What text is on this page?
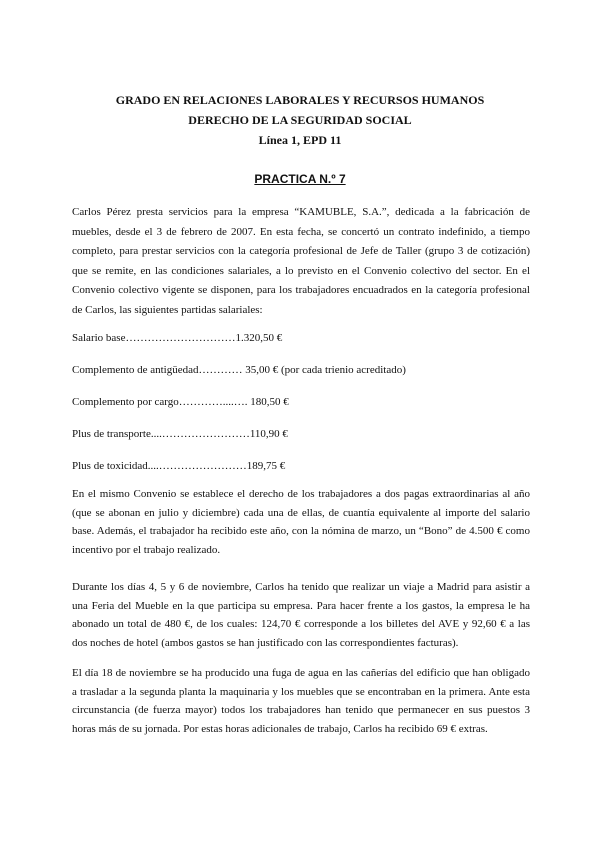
GRADO EN RELACIONES LABORALES Y RECURSOS HUMANOS
DERECHO DE LA SEGURIDAD SOCIAL
Línea 1, EPD 11
PRACTICA N.º 7

Carlos Pérez presta servicios para la empresa “KAMUBLE, S.A.”, dedicada a la fabricación de muebles, desde el 3 de febrero de 2007. En esta fecha, se concertó un contrato indefinido, a tiempo completo, para prestar servicios con la categoría profesional de Jefe de Taller (grupo 3 de cotización) que se remite, en las condiciones salariales, a lo previsto en el Convenio colectivo del sector. En el Convenio colectivo vigente se disponen, para los trabajadores encuadrados en la categoría profesional de Carlos, las siguientes partidas salariales:

Salario base…………………………1.320,50 €
Complemento de antigüedad………… 35,00 € (por cada trienio acreditado)
Complemento por cargo…………....…. 180,50 €
Plus de transporte....……………………110,90 €
Plus de toxicidad....……………………189,75 €

En el mismo Convenio se establece el derecho de los trabajadores a dos pagas extraordinarias al año (que se abonan en julio y diciembre) cada una de ellas, de cuantía equivalente al importe del salario base. Además, el trabajador ha recibido este año, con la nómina de marzo, un “Bono” de 4.500 € como incentivo por el trabajo realizado.

Durante los días 4, 5 y 6 de noviembre, Carlos ha tenido que realizar un viaje a Madrid para asistir a una Feria del Mueble en la que participa su empresa. Para hacer frente a los gastos, la empresa le ha abonado un total de 480 €, de los cuales: 124,70 € corresponde a los billetes del AVE y 92,60 € a las dos noches de hotel (ambos gastos se han justificado con las correspondientes facturas).

El día 18 de noviembre se ha producido una fuga de agua en las cañerías del edificio que han obligado a trasladar a la segunda planta la maquinaria y los muebles que se encontraban en la primera. Ante esta circunstancia (de fuerza mayor) todos los trabajadores han tenido que permanecer en sus puestos 3 horas más de su jornada. Por estas horas adicionales de trabajo, Carlos ha recibido 69 € extras.
